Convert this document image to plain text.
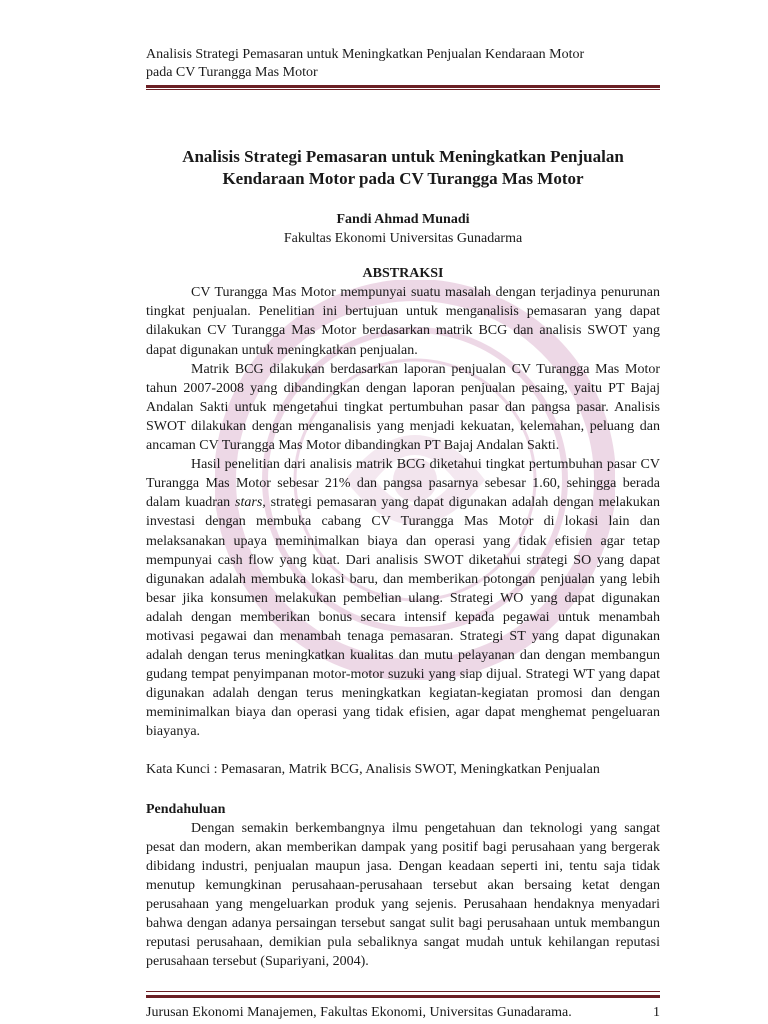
Analisis Strategi Pemasaran untuk Meningkatkan Penjualan Kendaraan Motor
pada CV Turangga Mas Motor
Analisis Strategi Pemasaran untuk Meningkatkan Penjualan
Kendaraan Motor pada CV Turangga Mas Motor

Fandi Ahmad Munadi

Fakultas Ekonomi Universitas Gunadarma

ABSTRAKSI

CV Turangga Mas Motor mempunyai suatu masalah dengan terjadinya penurunan tingkat penjualan. Penelitian ini bertujuan untuk menganalisis pemasaran yang dapat dilakukan CV Turangga Mas Motor berdasarkan matrik BCG dan analisis SWOT yang dapat digunakan untuk meningkatkan penjualan.

Matrik BCG dilakukan berdasarkan laporan penjualan CV Turangga Mas Motor tahun 2007-2008 yang dibandingkan dengan laporan penjualan pesaing, yaitu PT Bajaj Andalan Sakti untuk mengetahui tingkat pertumbuhan pasar dan pangsa pasar. Analisis SWOT dilakukan dengan menganalisis yang menjadi kekuatan, kelemahan, peluang dan ancaman CV Turangga Mas Motor dibandingkan PT Bajaj Andalan Sakti.

Hasil penelitian dari analisis matrik BCG diketahui tingkat pertumbuhan pasar CV Turangga Mas Motor sebesar 21% dan pangsa pasarnya sebesar 1.60, sehingga berada dalam kuadran stars, strategi pemasaran yang dapat digunakan adalah dengan melakukan investasi dengan membuka cabang CV Turangga Mas Motor di lokasi lain dan melaksanakan upaya meminimalkan biaya dan operasi yang tidak efisien agar tetap mempunyai cash flow yang kuat. Dari analisis SWOT diketahui strategi SO yang dapat digunakan adalah membuka lokasi baru, dan memberikan potongan penjualan yang lebih besar jika konsumen melakukan pembelian ulang. Strategi WO yang dapat digunakan adalah dengan memberikan bonus secara intensif kepada pegawai untuk menambah motivasi pegawai dan menambah tenaga pemasaran. Strategi ST yang dapat digunakan adalah dengan terus meningkatkan kualitas dan mutu pelayanan dan dengan membangun gudang tempat penyimpanan motor-motor suzuki yang siap dijual. Strategi WT yang dapat digunakan adalah dengan terus meningkatkan kegiatan-kegiatan promosi dan dengan meminimalkan biaya dan operasi yang tidak efisien, agar dapat menghemat pengeluaran biayanya.

Kata Kunci : Pemasaran, Matrik BCG, Analisis SWOT, Meningkatkan Penjualan

Pendahuluan

Dengan semakin berkembangnya ilmu pengetahuan dan teknologi yang sangat pesat dan modern, akan memberikan dampak yang positif bagi perusahaan yang bergerak dibidang industri, penjualan maupun jasa. Dengan keadaan seperti ini, tentu saja tidak menutup kemungkinan perusahaan-perusahaan tersebut akan bersaing ketat dengan perusahaan yang mengeluarkan produk yang sejenis. Perusahaan hendaknya menyadari bahwa dengan adanya persaingan tersebut sangat sulit bagi perusahaan untuk membangun reputasi perusahaan, demikian pula sebaliknya sangat mudah untuk kehilangan reputasi perusahaan tersebut (Supariyani, 2004).

Jurusan Ekonomi Manajemen, Fakultas Ekonomi, Universitas Gunadarama.	1
